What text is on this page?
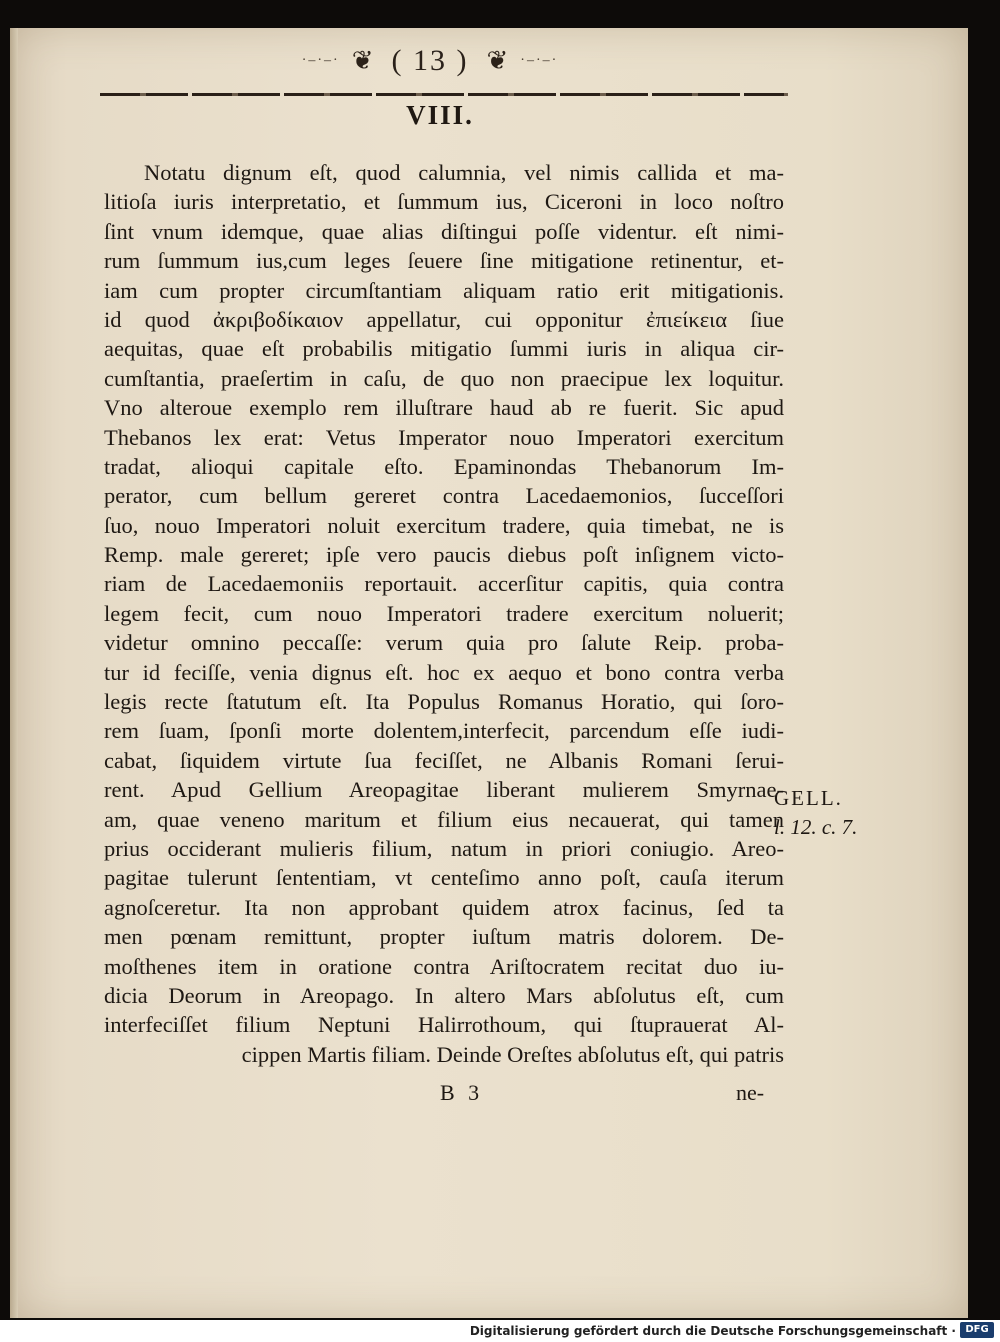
·–·–· ❦ ( 13 ) ❦ ·–·–·
VIII.
Notatu dignum eſt, quod calumnia, vel nimis callida et ma-
litioſa iuris interpretatio, et ſummum ius, Ciceroni in loco noſtro
ſint vnum idemque, quae alias diſtingui poſſe videntur. eſt nimi-
rum ſummum ius,cum leges ſeuere ſine mitigatione retinentur, et-
iam cum propter circumſtantiam aliquam ratio erit mitigationis.
id quod ἀκριβοδίκαιον appellatur, cui opponitur ἐπιείκεια ſiue
aequitas, quae eſt probabilis mitigatio ſummi iuris in aliqua cir-
cumſtantia, praeſertim in caſu, de quo non praecipue lex loquitur.
Vno alteroue exemplo rem illuſtrare haud ab re fuerit. Sic apud
Thebanos lex erat: Vetus Imperator nouo Imperatori exercitum
tradat, alioqui capitale eſto. Epaminondas Thebanorum Im-
perator, cum bellum gereret contra Lacedaemonios, ſucceſſori
ſuo, nouo Imperatori noluit exercitum tradere, quia timebat, ne is
Remp. male gereret; ipſe vero paucis diebus poſt inſignem victo-
riam de Lacedaemoniis reportauit. accerſitur capitis, quia contra
legem fecit, cum nouo Imperatori tradere exercitum noluerit;
videtur omnino peccaſſe: verum quia pro ſalute Reip. proba-
tur id feciſſe, venia dignus eſt. hoc ex aequo et bono contra verba
legis recte ſtatutum eſt. Ita Populus Romanus Horatio, qui ſoro-
rem ſuam, ſponſi morte dolentem,interfecit, parcendum eſſe iudi-
cabat, ſiquidem virtute ſua feciſſet, ne Albanis Romani ſerui-
rent. Apud Gellium Areopagitae liberant mulierem Smyrnae-
am, quae veneno maritum et filium eius necauerat, qui tamen
prius occiderant mulieris filium, natum in priori coniugio. Areo-
pagitae tulerunt ſententiam, vt centeſimo anno poſt, cauſa iterum
agnoſceretur. Ita non approbant quidem atrox facinus, ſed ta
men pœnam remittunt, propter iuſtum matris dolorem. De-
moſthenes item in oratione contra Ariſtocratem recitat duo iu-
dicia Deorum in Areopago. In altero Mars abſolutus eſt, cum
interfeciſſet filium Neptuni Halirrothoum, qui ſtuprauerat Al-
cippen Martis filiam. Deinde Oreſtes abſolutus eſt, qui patris
GELL.
l. 12. c. 7.
B 3	ne-
Digitalisierung gefördert durch die Deutsche Forschungsgemeinschaft · DFG
